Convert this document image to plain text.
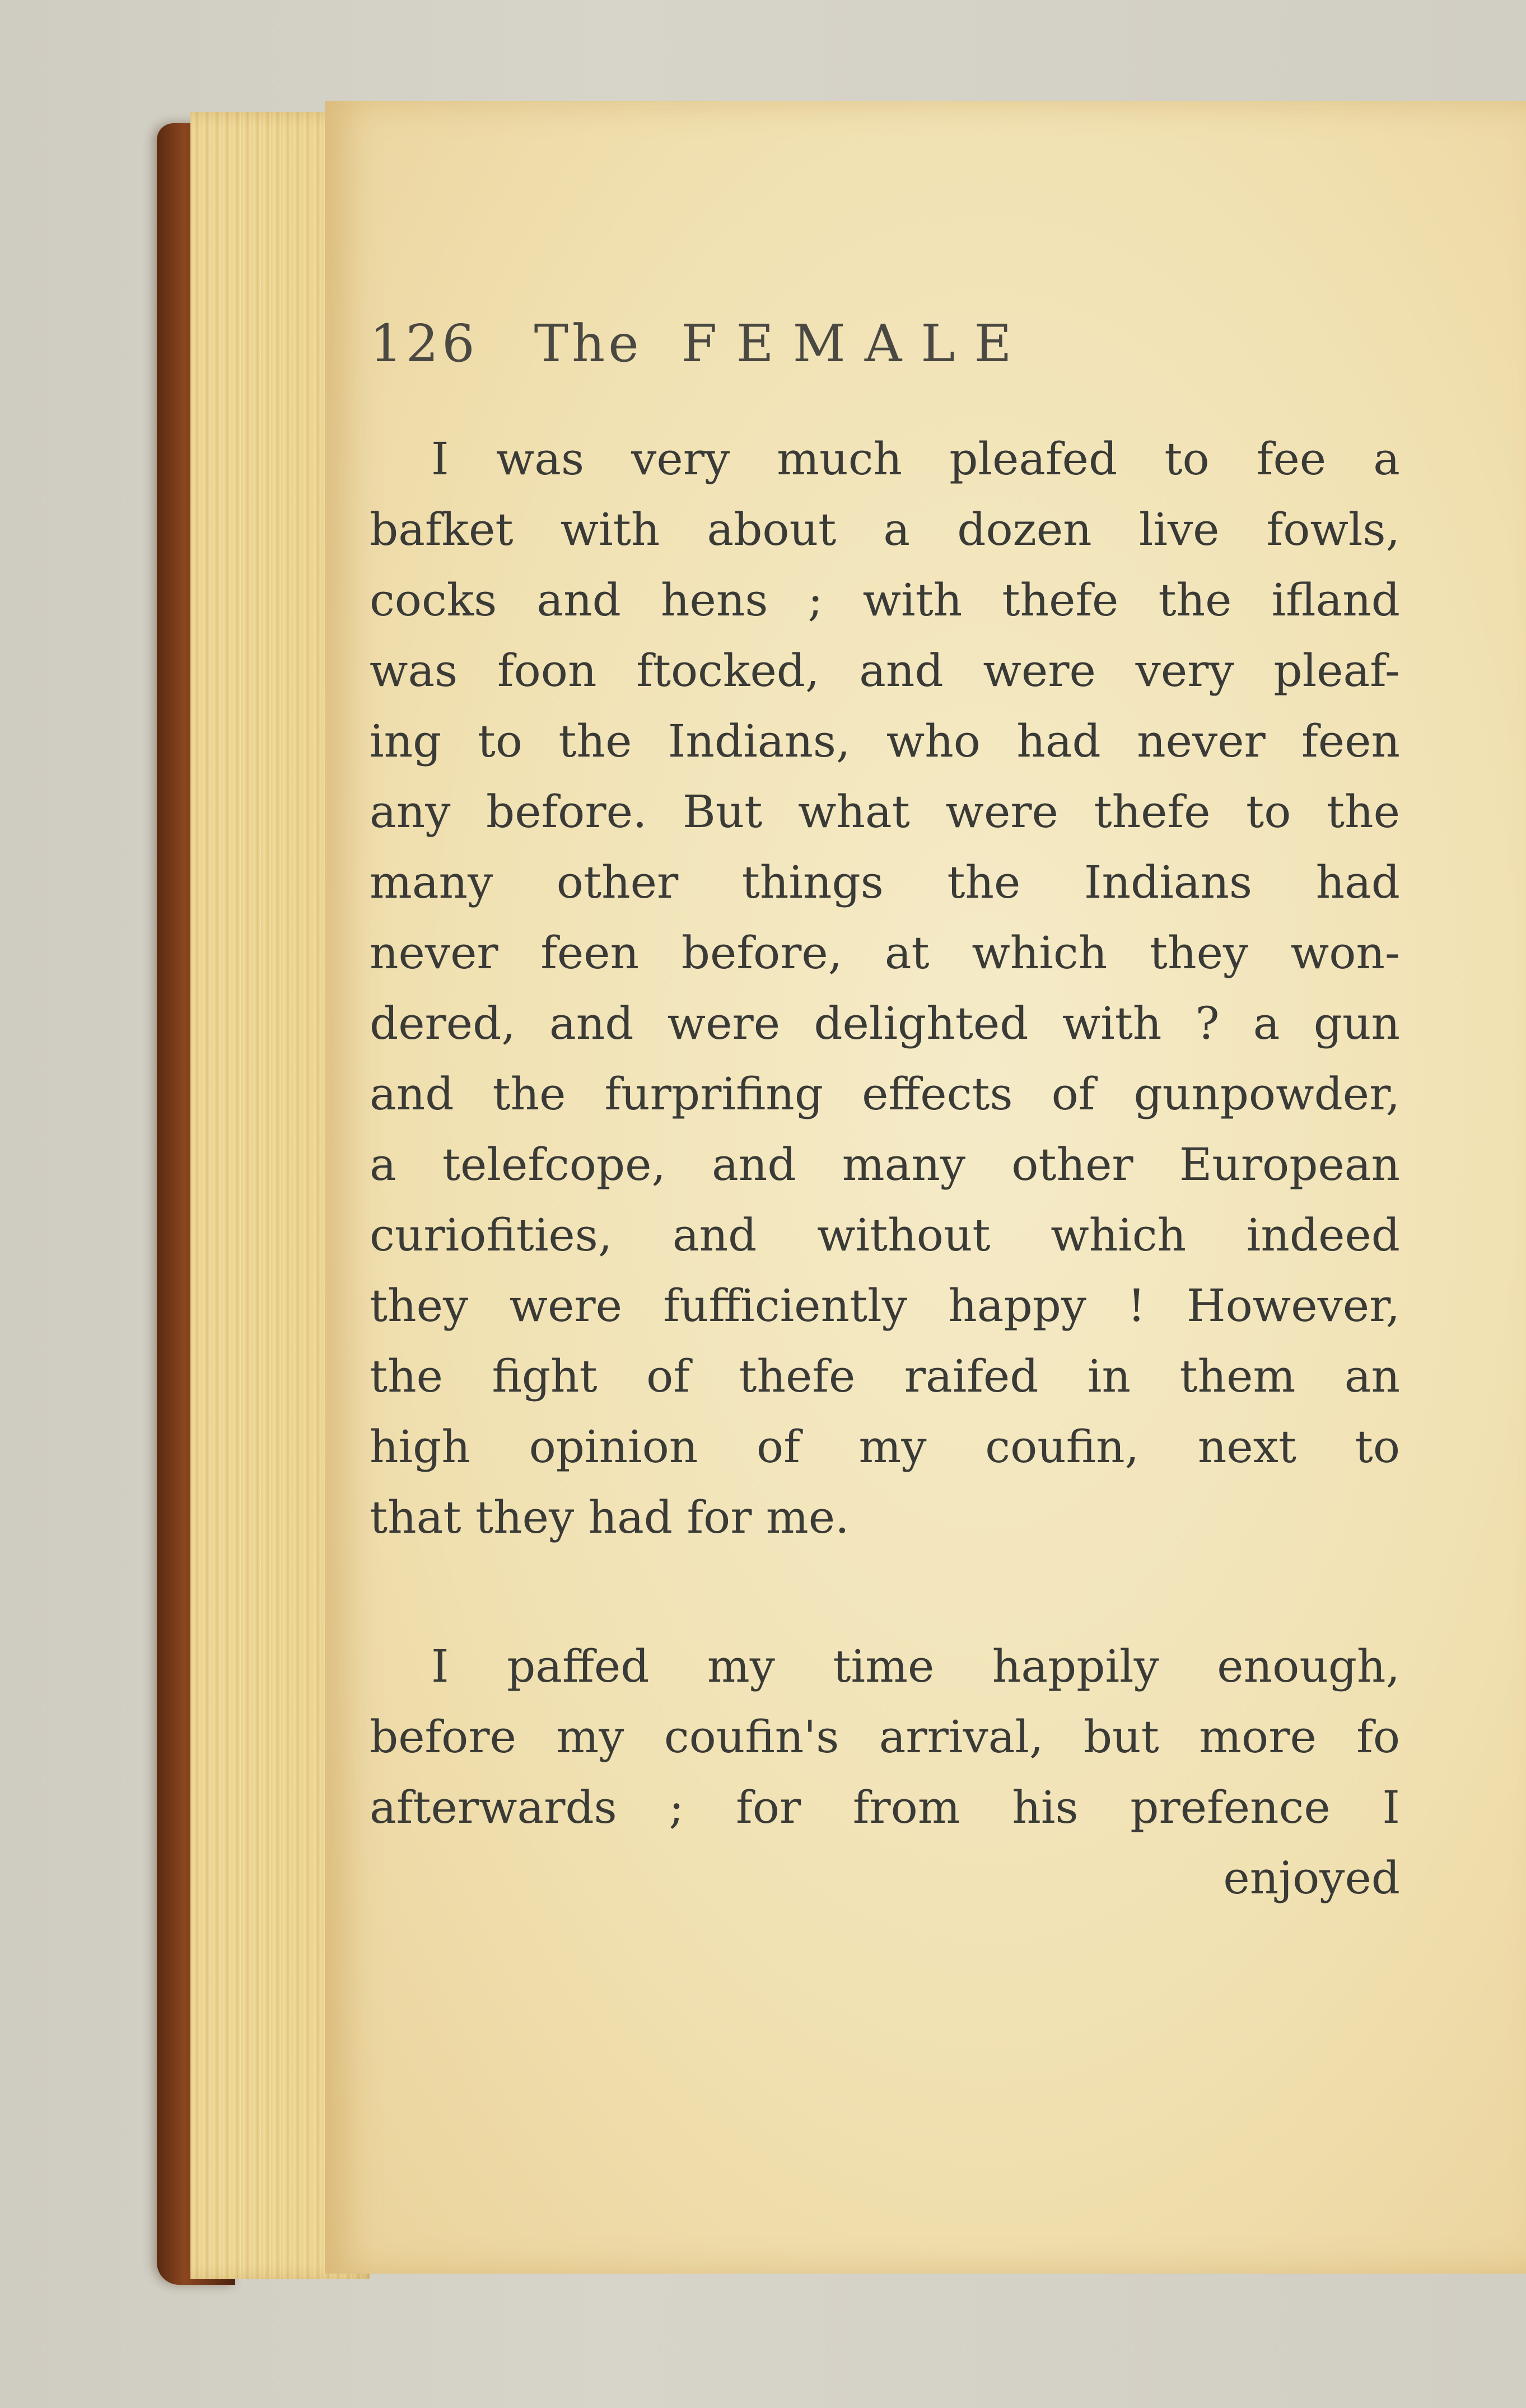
126 The FEMALE
I was very much pleafed to fee a
bafket with about a dozen live fowls,
cocks and hens ; with thefe the ifland
was foon ftocked, and were very pleaf-
ing to the Indians, who had never feen
any before. But what were thefe to the
many other things the Indians had
never feen before, at which they won-
dered, and were delighted with ? a gun
and the furprifing effects of gunpowder,
a telefcope, and many other European
curiofities, and without which indeed
they were fufficiently happy ! However,
the fight of thefe raifed in them an
high opinion of my coufin, next to
that they had for me.
I paffed my time happily enough,
before my coufin's arrival, but more fo
afterwards ; for from his prefence I
enjoyed
